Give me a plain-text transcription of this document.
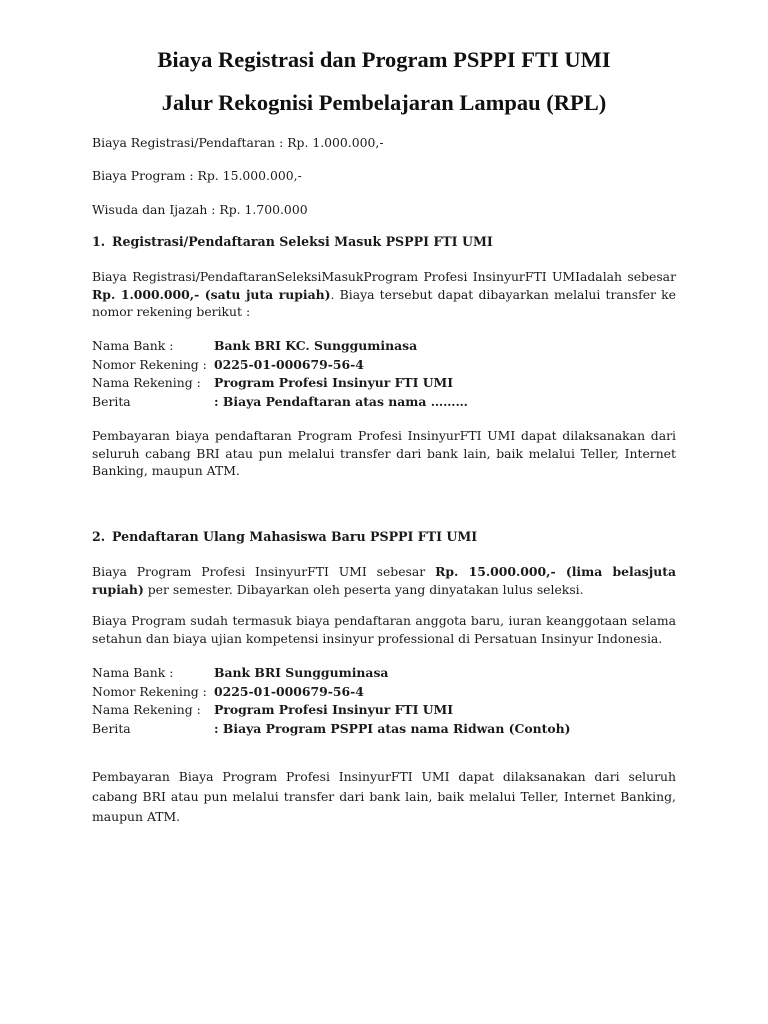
Biaya Registrasi dan Program PSPPI FTI UMI
Jalur Rekognisi Pembelajaran Lampau (RPL)

Biaya Registrasi/Pendaftaran : Rp. 1.000.000,-

Biaya Program : Rp. 15.000.000,-

Wisuda dan Ijazah : Rp. 1.700.000

1. Registrasi/Pendaftaran Seleksi Masuk PSPPI FTI UMI

Biaya Registrasi/PendaftaranSeleksiMasukProgram Profesi InsinyurFTI UMIadalah sebesar Rp. 1.000.000,- (satu juta rupiah). Biaya tersebut dapat dibayarkan melalui transfer ke nomor rekening berikut :

Nama Bank :	Bank BRI KC. Sungguminasa
Nomor Rekening : 0225-01-000679-56-4
Nama Rekening : Program Profesi Insinyur FTI UMI
Berita	: Biaya Pendaftaran atas nama ………

Pembayaran biaya pendaftaran Program Profesi InsinyurFTI UMI dapat dilaksanakan dari seluruh cabang BRI atau pun melalui transfer dari bank lain, baik melalui Teller, Internet Banking, maupun ATM.

2. Pendaftaran Ulang Mahasiswa Baru PSPPI FTI UMI

Biaya Program Profesi InsinyurFTI UMI sebesar Rp. 15.000.000,- (lima belasjuta rupiah) per semester. Dibayarkan oleh peserta yang dinyatakan lulus seleksi.

Biaya Program sudah termasuk biaya pendaftaran anggota baru, iuran keanggotaan selama setahun dan biaya ujian kompetensi insinyur professional di Persatuan Insinyur Indonesia.

Nama Bank :	Bank BRI Sungguminasa
Nomor Rekening : 0225-01-000679-56-4
Nama Rekening : Program Profesi Insinyur FTI UMI
Berita	: Biaya Program PSPPI atas nama Ridwan (Contoh)

Pembayaran Biaya Program Profesi InsinyurFTI UMI dapat dilaksanakan dari seluruh cabang BRI atau pun melalui transfer dari bank lain, baik melalui Teller, Internet Banking, maupun ATM.
